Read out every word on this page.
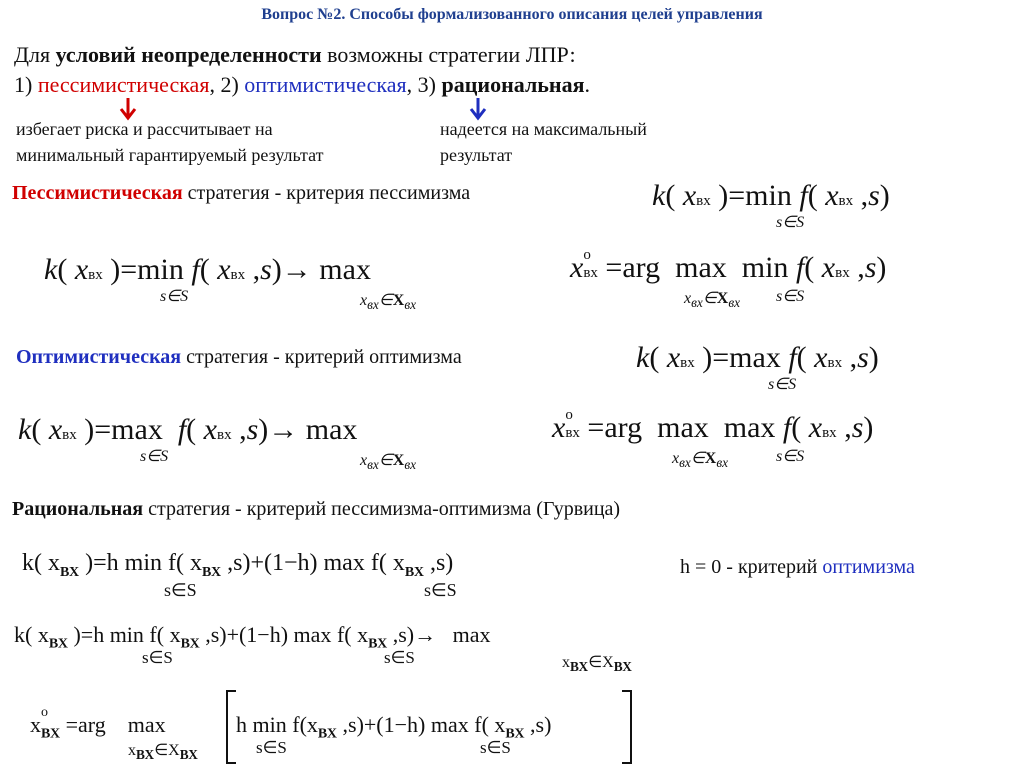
Вопрос №2. Способы формализованного описания целей управления
Для условий неопределенности возможны стратегии ЛПР:
1) пессимистическая, 2) оптимистическая, 3) рациональная.
избегает риска и рассчитывает на
минимальный гарантируемый результат
надеется на максимальный
результат
Пессимистическая стратегия - критерия пессимизма	k( xвх )=min f( xвх ,s)
s∈S
k( xвх )=min f( xвх ,s)→ max
s∈S	$x_{вх}\in X_{вх}$
x o
вх =arg max min f( xвх ,s)
$x_{вх}\in X_{вх}$ s∈S
Оптимистическая стратегия - критерий оптимизма	k( xвх )=max f( xвх ,s)
s∈S
k( xвх )=max f( xвх ,s)→ max
s∈S	$x_{вх}\in X_{вх}$
x o
вх =arg max max f( xвх ,s)
$x_{вх}\in X_{вх}$	s∈S
Рациональная стратегия - критерий пессимизма-оптимизма (Гурвица)
k( $x_{ВХ}$ )=h min f( $x_{ВХ}$ ,s)+(1−h) max f( $x_{ВХ}$ ,s)
s∈S	s∈S
h = 0 - критерий оптимизма
k( $x_{ВХ}$ )=h min f( $x_{ВХ}$ ,s)+(1−h) max f( $x_{ВХ}$ ,s)→ max
s∈S	s∈S	$x_{ВХ}\in X_{ВХ}$
x o
$_{ВХ}$ =arg max
$x_{ВХ}\in X_{ВХ}$
h $\min f(x_{ВХ}$ ,s)+(1−h) max f( $x_{ВХ}$ ,s)
s∈S	s∈S
